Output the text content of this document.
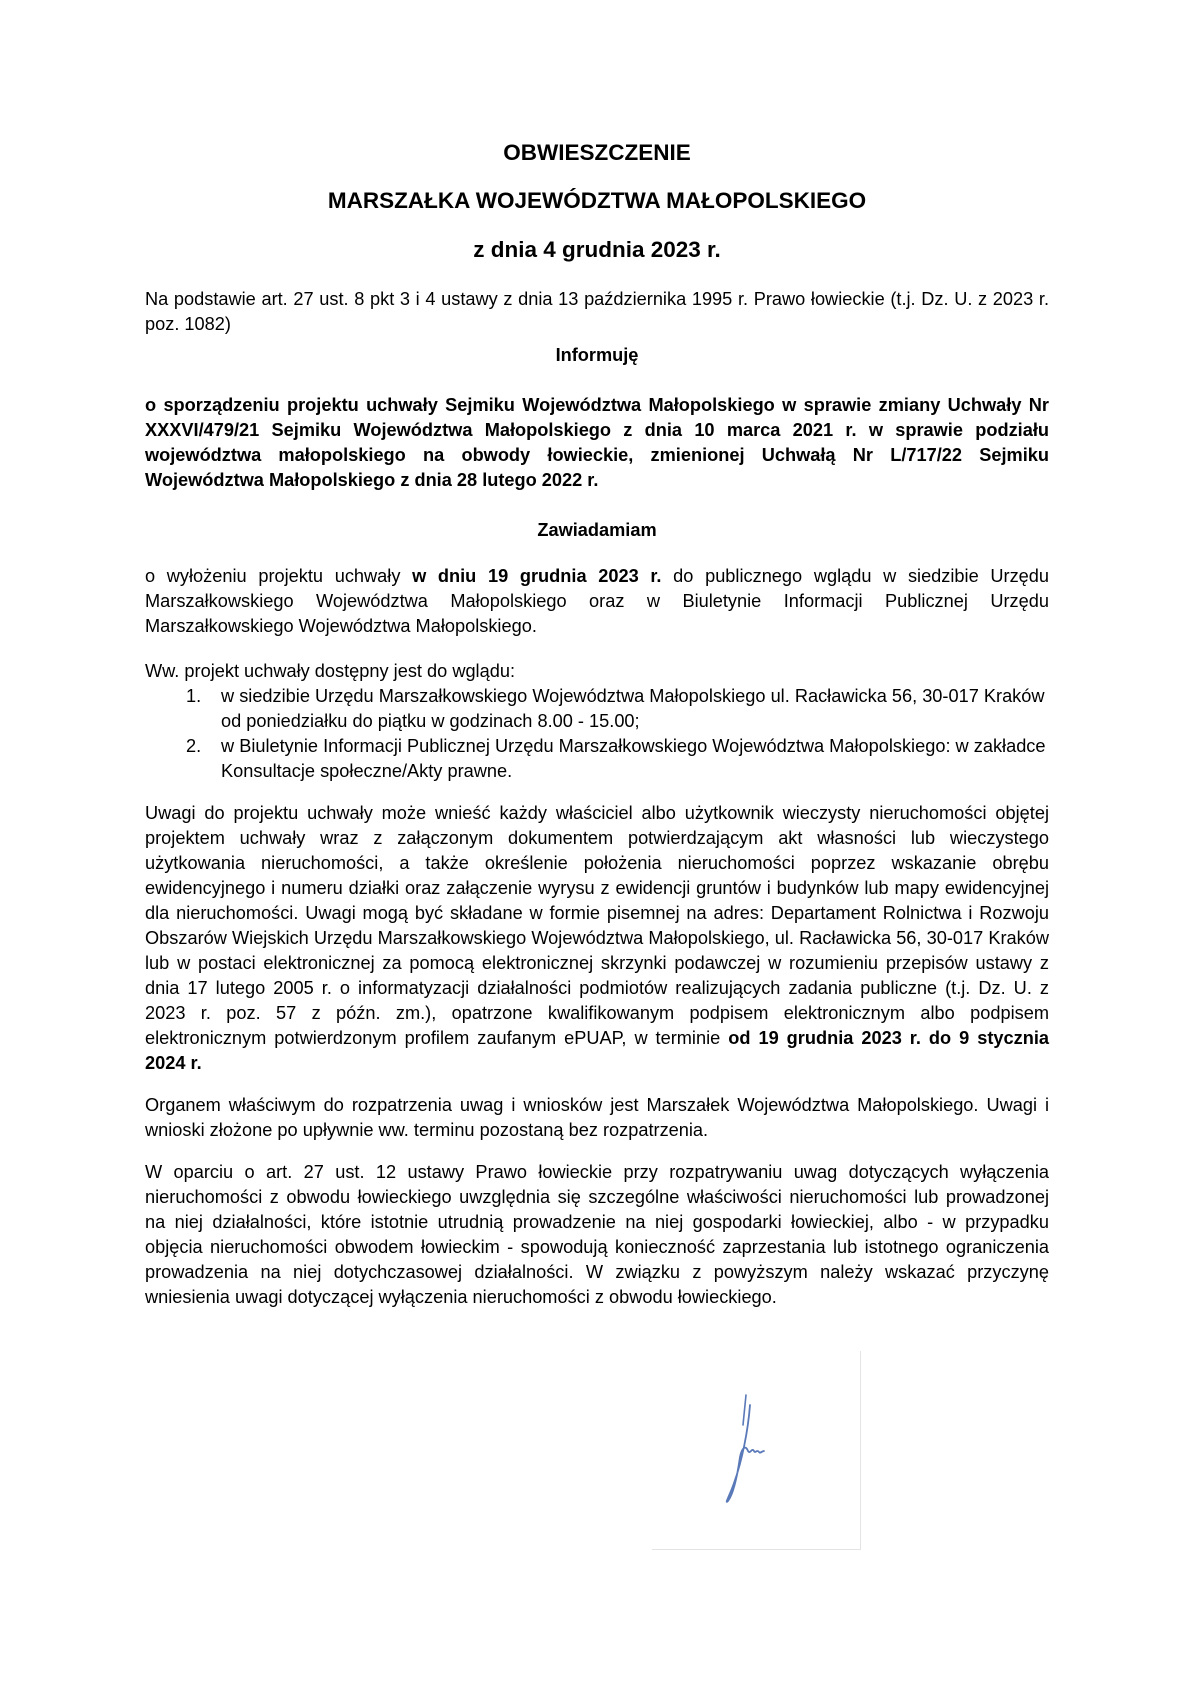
OBWIESZCZENIE
MARSZAŁKA WOJEWÓDZTWA MAŁOPOLSKIEGO
z dnia 4 grudnia 2023 r.

Na podstawie art. 27 ust. 8 pkt 3 i 4 ustawy z dnia 13 października 1995 r. Prawo łowieckie (t.j. Dz. U. z 2023 r. poz. 1082)

Informuję

o sporządzeniu projektu uchwały Sejmiku Województwa Małopolskiego w sprawie zmiany Uchwały Nr XXXVI/479/21 Sejmiku Województwa Małopolskiego z dnia 10 marca 2021 r. w sprawie podziału województwa małopolskiego na obwody łowieckie, zmienionej Uchwałą Nr L/717/22 Sejmiku Województwa Małopolskiego z dnia 28 lutego 2022 r.

Zawiadamiam

o wyłożeniu projektu uchwały w dniu 19 grudnia 2023 r. do publicznego wglądu w siedzibie Urzędu Marszałkowskiego Województwa Małopolskiego oraz w Biuletynie Informacji Publicznej Urzędu Marszałkowskiego Województwa Małopolskiego.

Ww. projekt uchwały dostępny jest do wglądu:

1. w siedzibie Urzędu Marszałkowskiego Województwa Małopolskiego ul. Racławicka 56, 30-017 Kraków od poniedziałku do piątku w godzinach 8.00 - 15.00;
2. w Biuletynie Informacji Publicznej Urzędu Marszałkowskiego Województwa Małopolskiego: w zakładce Konsultacje społeczne/Akty prawne.

Uwagi do projektu uchwały może wnieść każdy właściciel albo użytkownik wieczysty nieruchomości objętej projektem uchwały wraz z załączonym dokumentem potwierdzającym akt własności lub wieczystego użytkowania nieruchomości, a także określenie położenia nieruchomości poprzez wskazanie obrębu ewidencyjnego i numeru działki oraz załączenie wyrysu z ewidencji gruntów i budynków lub mapy ewidencyjnej dla nieruchomości. Uwagi mogą być składane w formie pisemnej na adres: Departament Rolnictwa i Rozwoju Obszarów Wiejskich Urzędu Marszałkowskiego Województwa Małopolskiego, ul. Racławicka 56, 30-017 Kraków lub w postaci elektronicznej za pomocą elektronicznej skrzynki podawczej w rozumieniu przepisów ustawy z dnia 17 lutego 2005 r. o informatyzacji działalności podmiotów realizujących zadania publiczne (t.j. Dz. U. z 2023 r. poz. 57 z późn. zm.), opatrzone kwalifikowanym podpisem elektronicznym albo podpisem elektronicznym potwierdzonym profilem zaufanym ePUAP, w terminie od 19 grudnia 2023 r. do 9 stycznia 2024 r.

Organem właściwym do rozpatrzenia uwag i wniosków jest Marszałek Województwa Małopolskiego. Uwagi i wnioski złożone po upływnie ww. terminu pozostaną bez rozpatrzenia.

W oparciu o art. 27 ust. 12 ustawy Prawo łowieckie przy rozpatrywaniu uwag dotyczących wyłączenia nieruchomości z obwodu łowieckiego uwzględnia się szczególne właściwości nieruchomości lub prowadzonej na niej działalności, które istotnie utrudnią prowadzenie na niej gospodarki łowieckiej, albo - w przypadku objęcia nieruchomości obwodem łowieckim - spowodują konieczność zaprzestania lub istotnego ograniczenia prowadzenia na niej dotychczasowej działalności. W związku z powyższym należy wskazać przyczynę wniesienia uwagi dotyczącej wyłączenia nieruchomości z obwodu łowieckiego.
